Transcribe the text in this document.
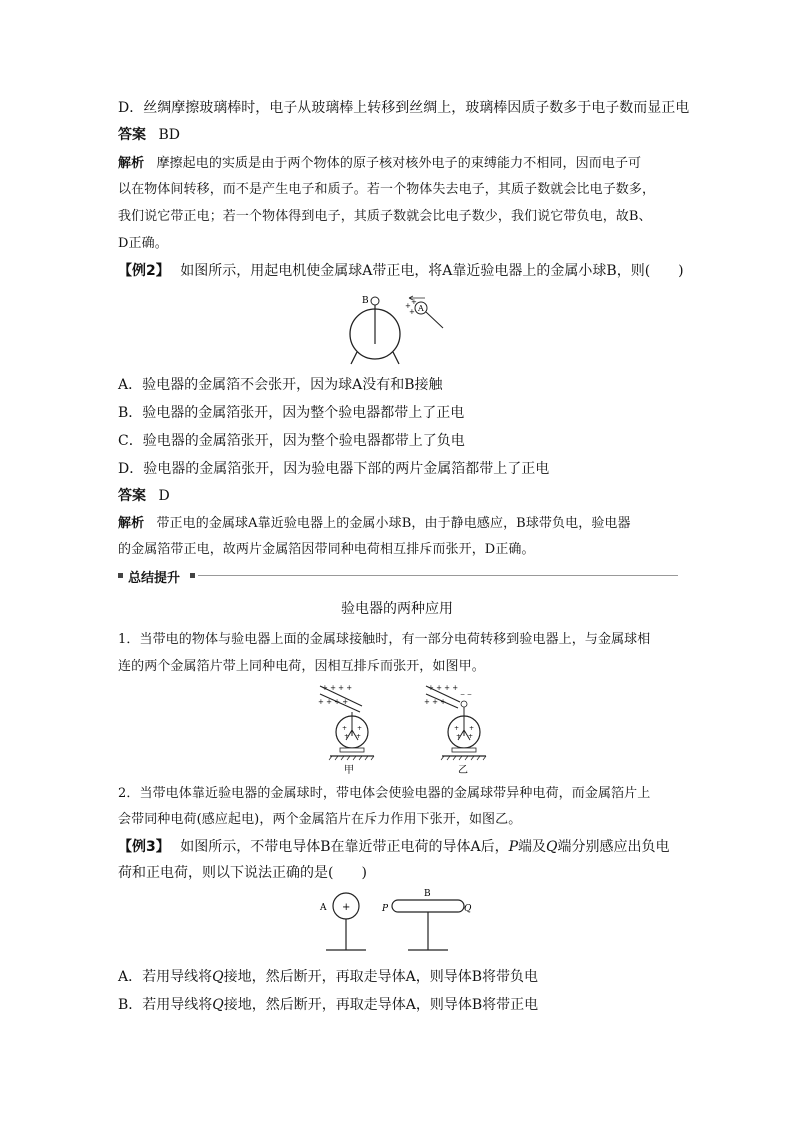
D．丝绸摩擦玻璃棒时，电子从玻璃棒上转移到丝绸上，玻璃棒因质子数多于电子数而显正电
答案 BD
解析 摩擦起电的实质是由于两个物体的原子核对核外电子的束缚能力不相同，因而电子可
以在物体间转移，而不是产生电子和质子。若一个物体失去电子，其质子数就会比电子数多，
我们说它带正电；若一个物体得到电子，其质子数就会比电子数少，我们说它带负电，故B、
D正确。
【例2】 如图所示，用起电机使金属球A带正电，将A靠近验电器上的金属小球B，则(　　)
B
A
+
+
+
A．验电器的金属箔不会张开，因为球A没有和B接触
B．验电器的金属箔张开，因为整个验电器都带上了正电
C．验电器的金属箔张开，因为整个验电器都带上了负电
D．验电器的金属箔张开，因为验电器下部的两片金属箔都带上了正电
答案 D
解析 带正电的金属球A靠近验电器上的金属小球B，由于静电感应，B球带负电，验电器
的金属箔带正电，故两片金属箔因带同种电荷相互排斥而张开，D正确。
总结提升
验电器的两种应用
1．当带电的物体与验电器上面的金属球接触时，有一部分电荷转移到验电器上，与金属球相
连的两个金属箔片带上同种电荷，因相互排斥而张开，如图甲。
+ + + +
+ + + +
+ +
+ +
甲
+ + + +
+ + +
− −
+ +
+ +
乙
2．当带电体靠近验电器的金属球时，带电体会使验电器的金属球带异种电荷，而金属箔片上
会带同种电荷(感应起电)，两个金属箔片在斥力作用下张开，如图乙。
【例3】 如图所示，不带电导体B在靠近带正电荷的导体A后，P端及Q端分别感应出负电
荷和正电荷，则以下说法正确的是(　　)
A +	P	Q
B
A．若用导线将Q接地，然后断开，再取走导体A，则导体B将带负电
B．若用导线将Q接地，然后断开，再取走导体A，则导体B将带正电
